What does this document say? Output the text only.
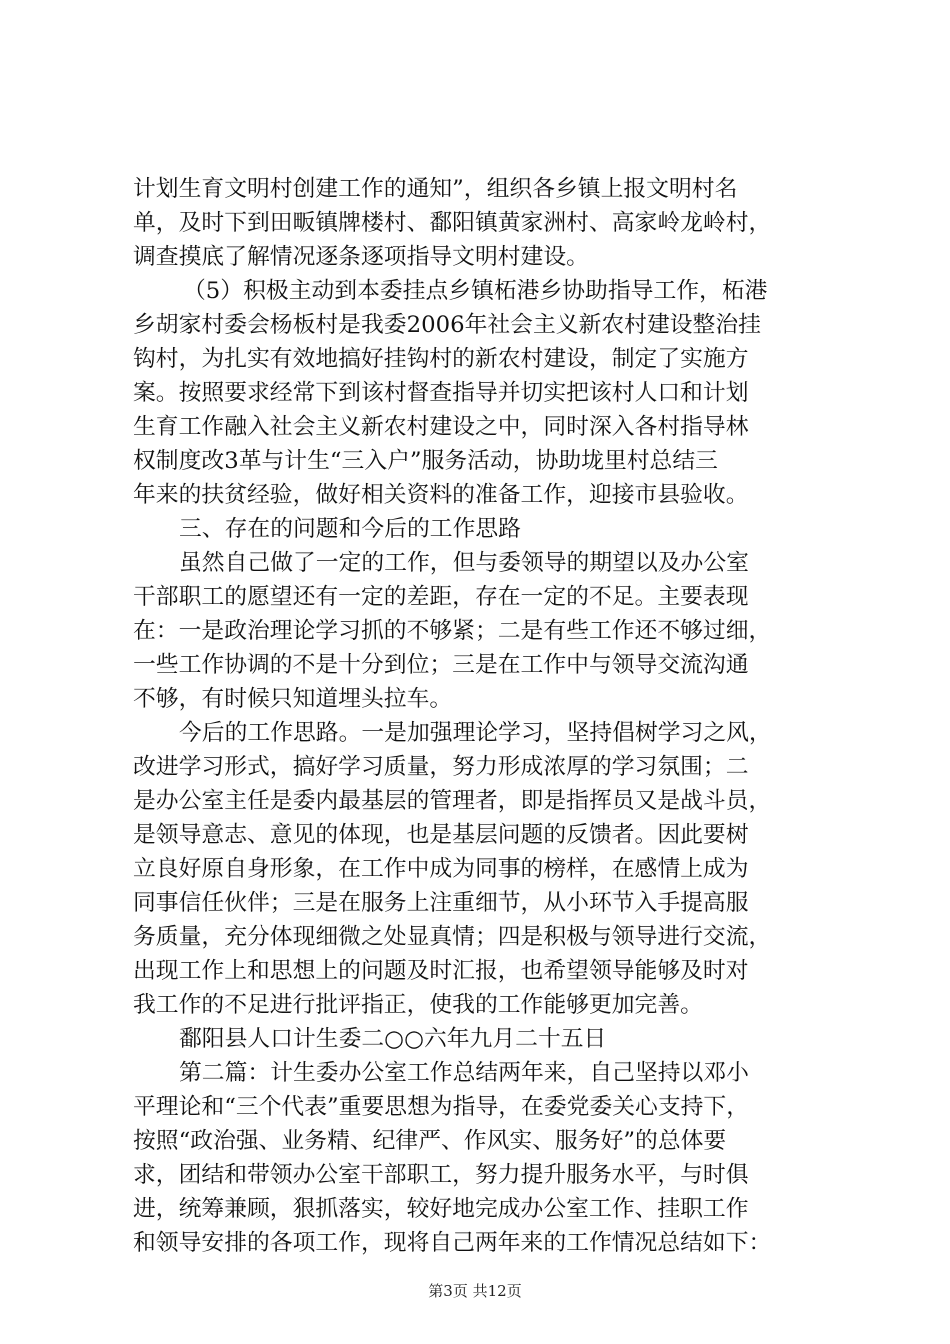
计划生育文明村创建工作的通知”，组织各乡镇上报文明村名
单，及时下到田畈镇牌楼村、鄱阳镇黄家洲村、高家岭龙岭村，
调查摸底了解情况逐条逐项指导文明村建设。
（5）积极主动到本委挂点乡镇柘港乡协助指导工作，柘港
乡胡家村委会杨板村是我委2006年社会主义新农村建设整治挂
钩村，为扎实有效地搞好挂钩村的新农村建设，制定了实施方
案。按照要求经常下到该村督查指导并切实把该村人口和计划
生育工作融入社会主义新农村建设之中，同时深入各村指导林
权制度改3革与计生“三入户”服务活动，协助垅里村总结三
年来的扶贫经验，做好相关资料的准备工作，迎接市县验收。
三、存在的问题和今后的工作思路
虽然自己做了一定的工作，但与委领导的期望以及办公室
干部职工的愿望还有一定的差距，存在一定的不足。主要表现
在：一是政治理论学习抓的不够紧；二是有些工作还不够过细，
一些工作协调的不是十分到位；三是在工作中与领导交流沟通
不够，有时候只知道埋头拉车。
今后的工作思路。一是加强理论学习，坚持倡树学习之风，
改进学习形式，搞好学习质量，努力形成浓厚的学习氛围；二
是办公室主任是委内最基层的管理者，即是指挥员又是战斗员，
是领导意志、意见的体现，也是基层问题的反馈者。因此要树
立良好原自身形象，在工作中成为同事的榜样，在感情上成为
同事信任伙伴；三是在服务上注重细节，从小环节入手提高服
务质量，充分体现细微之处显真情；四是积极与领导进行交流，
出现工作上和思想上的问题及时汇报，也希望领导能够及时对
我工作的不足进行批评指正，使我的工作能够更加完善。
鄱阳县人口计生委二○○六年九月二十五日
第二篇：计生委办公室工作总结两年来，自己坚持以邓小
平理论和“三个代表”重要思想为指导，在委党委关心支持下，
按照“政治强、业务精、纪律严、作风实、服务好”的总体要
求，团结和带领办公室干部职工，努力提升服务水平，与时俱
进，统筹兼顾，狠抓落实，较好地完成办公室工作、挂职工作
和领导安排的各项工作，现将自己两年来的工作情况总结如下：
第3页 共12页
